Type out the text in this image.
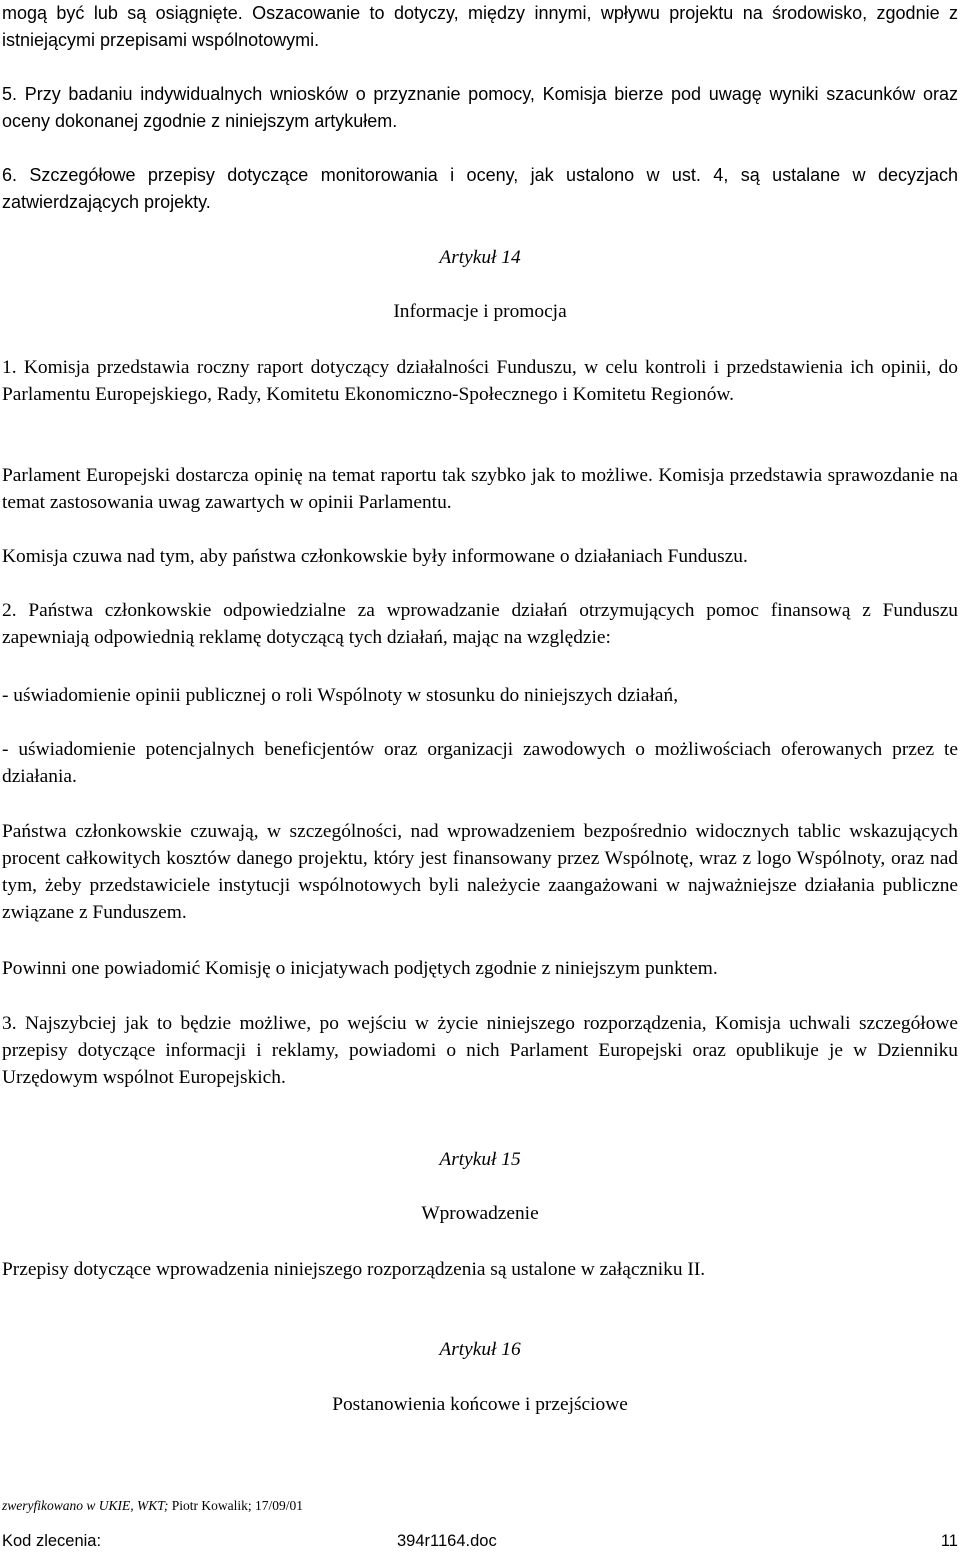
mogą być lub są osiągnięte. Oszacowanie to dotyczy, między innymi, wpływu projektu na środowisko, zgodnie z istniejącymi przepisami wspólnotowymi.

5. Przy badaniu indywidualnych wniosków o przyznanie pomocy, Komisja bierze pod uwagę wyniki szacunków oraz oceny dokonanej zgodnie z niniejszym artykułem.

6. Szczegółowe przepisy dotyczące monitorowania i oceny, jak ustalono w ust. 4, są ustalane w decyzjach zatwierdzających projekty.

Artykuł 14

Informacje i promocja

1. Komisja przedstawia roczny raport dotyczący działalności Funduszu, w celu kontroli i przedstawienia ich opinii, do Parlamentu Europejskiego, Rady, Komitetu Ekonomiczno-Społecznego i Komitetu Regionów.

Parlament Europejski dostarcza opinię na temat raportu tak szybko jak to możliwe. Komisja przedstawia sprawozdanie na temat zastosowania uwag zawartych w opinii Parlamentu.

Komisja czuwa nad tym, aby państwa członkowskie były informowane o działaniach Funduszu.

2. Państwa członkowskie odpowiedzialne za wprowadzanie działań otrzymujących pomoc finansową z Funduszu zapewniają odpowiednią reklamę dotyczącą tych działań, mając na względzie:

- uświadomienie opinii publicznej o roli Wspólnoty w stosunku do niniejszych działań,

- uświadomienie potencjalnych beneficjentów oraz organizacji zawodowych o możliwościach oferowanych przez te działania.

Państwa członkowskie czuwają, w szczególności, nad wprowadzeniem bezpośrednio widocznych tablic wskazujących procent całkowitych kosztów danego projektu, który jest finansowany przez Wspólnotę, wraz z logo Wspólnoty, oraz nad tym, żeby przedstawiciele instytucji wspólnotowych byli należycie zaangażowani w najważniejsze działania publiczne związane z Funduszem.

Powinni one powiadomić Komisję o inicjatywach podjętych zgodnie z niniejszym punktem.

3. Najszybciej jak to będzie możliwe, po wejściu w życie niniejszego rozporządzenia, Komisja uchwali szczegółowe przepisy dotyczące informacji i reklamy, powiadomi o nich Parlament Europejski oraz opublikuje je w Dzienniku Urzędowym wspólnot Europejskich.

Artykuł 15

Wprowadzenie

Przepisy dotyczące wprowadzenia niniejszego rozporządzenia są ustalone w załączniku II.

Artykuł 16

Postanowienia końcowe i przejściowe

zweryfikowano w UKIE, WKT; Piotr Kowalik; 17/09/01
Kod zlecenia:	394r1164.doc	11
